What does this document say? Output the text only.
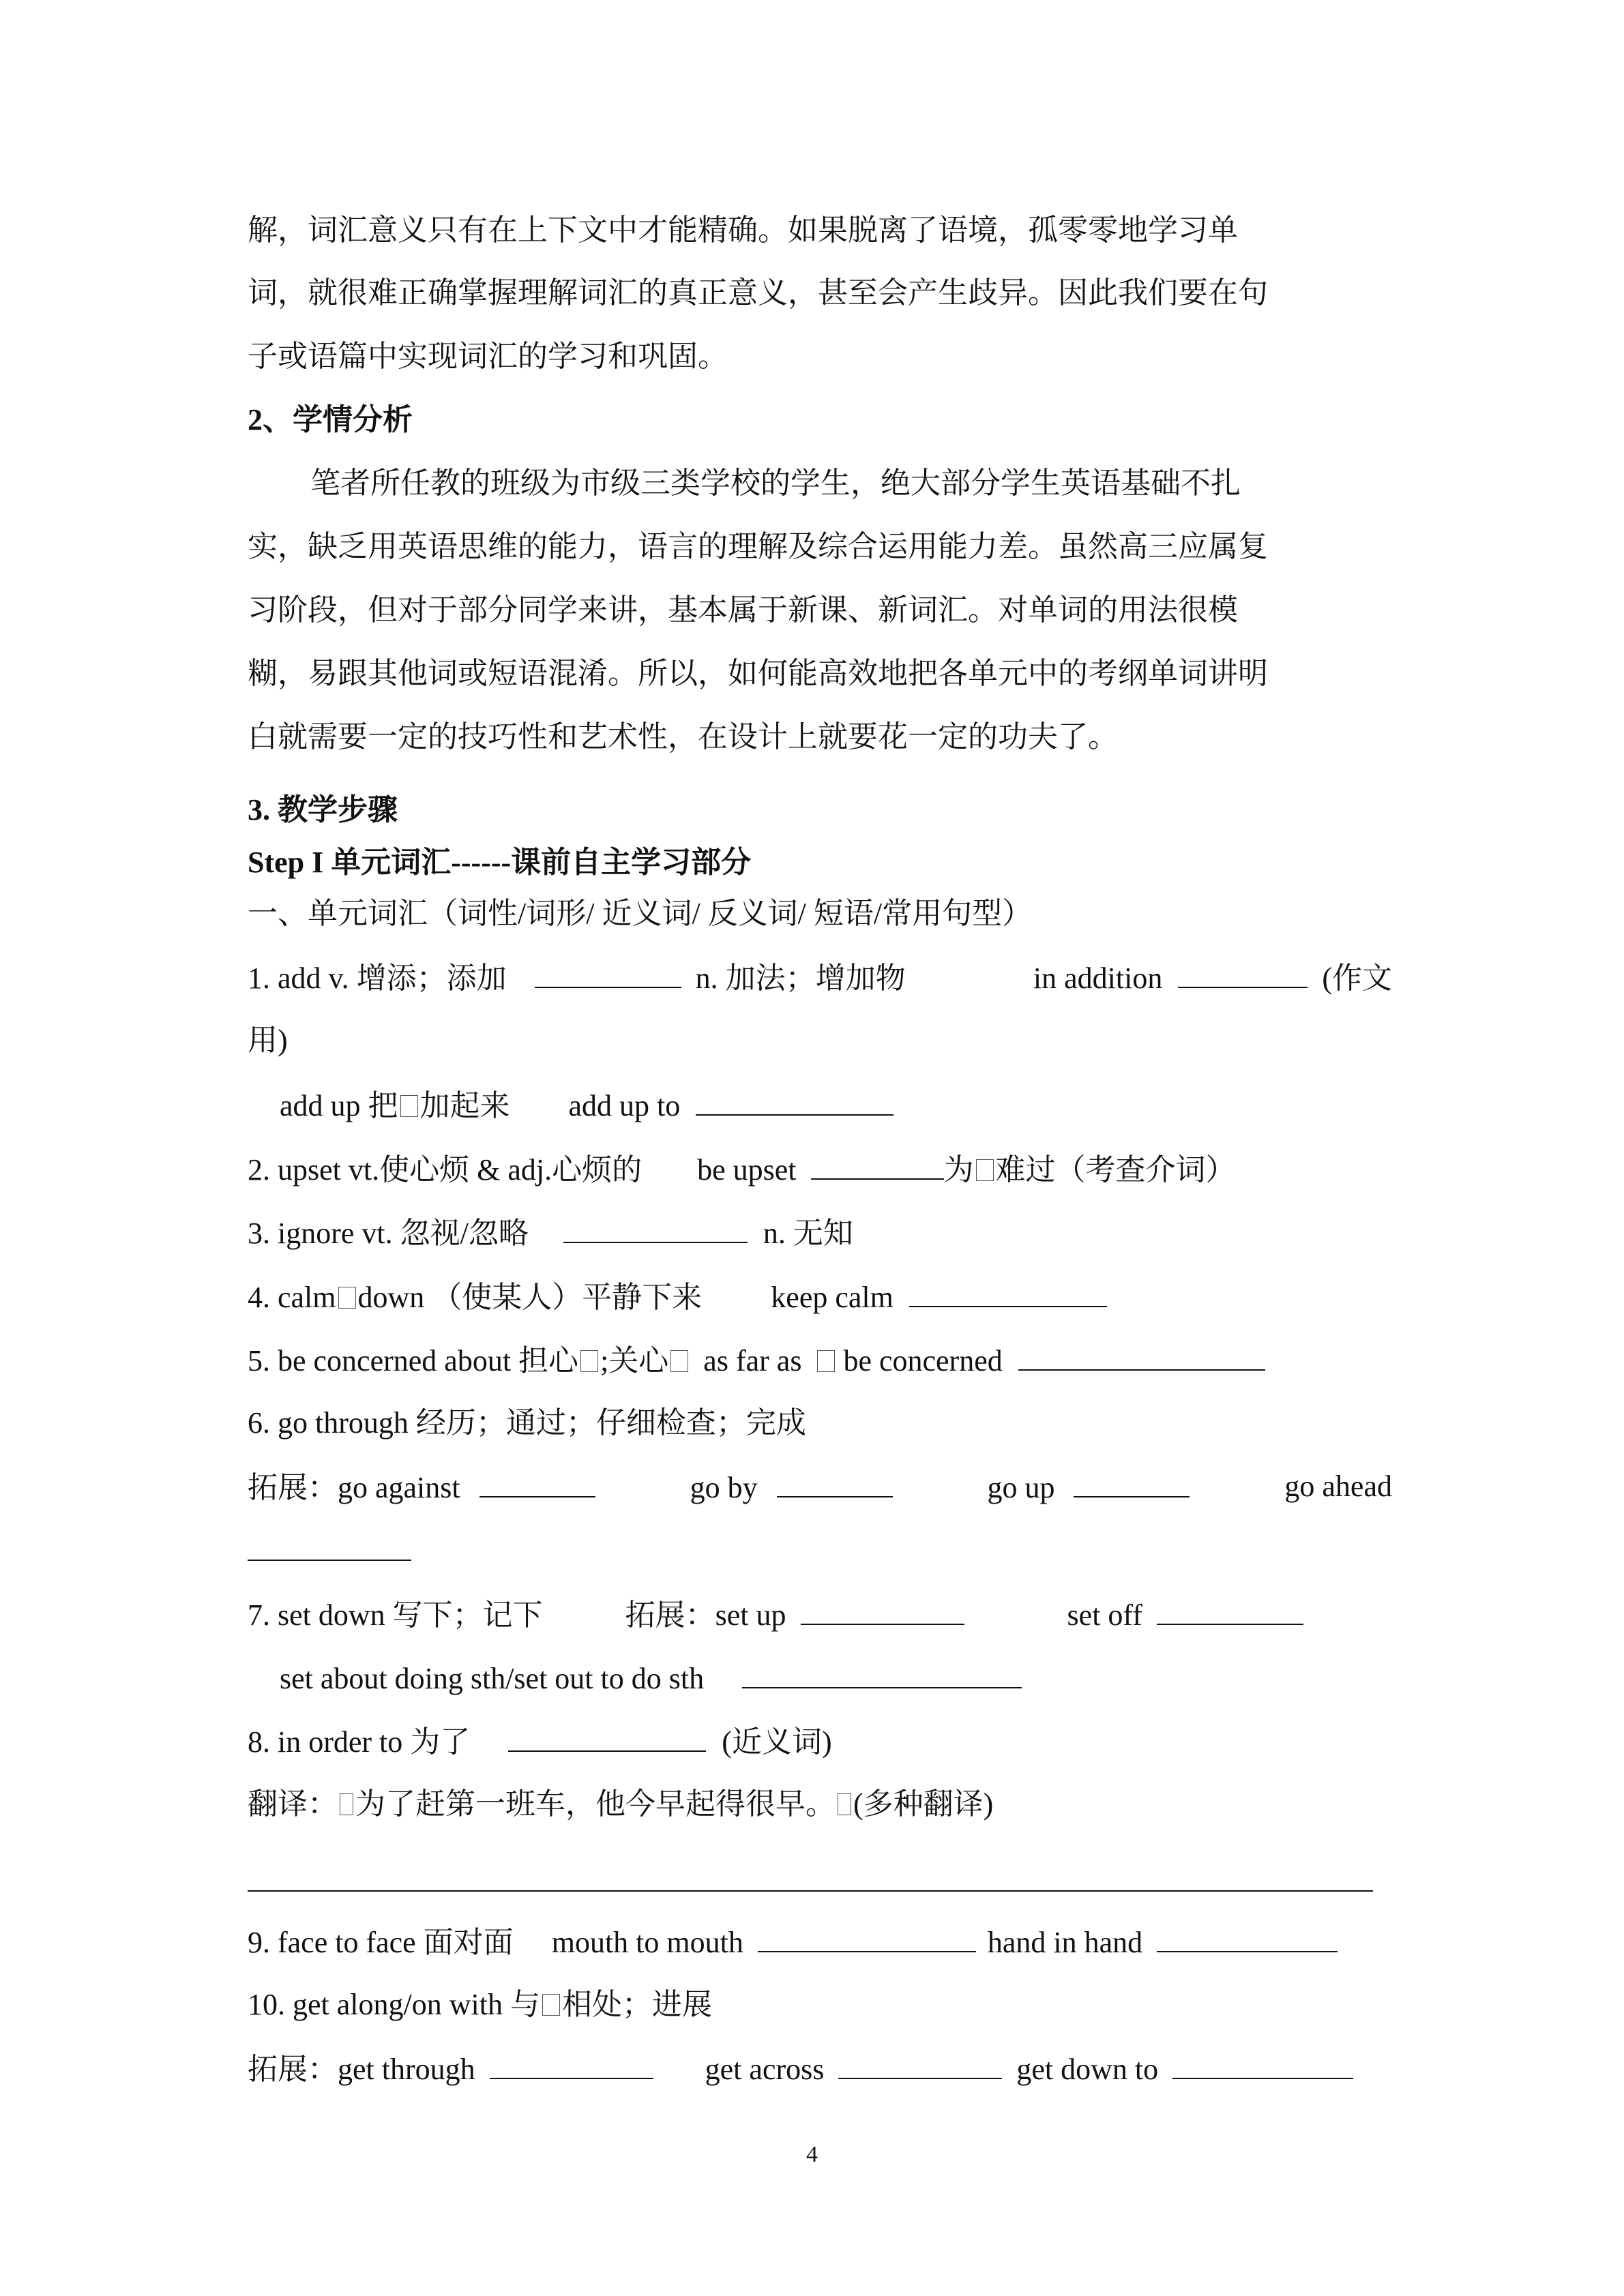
解，词汇意义只有在上下文中才能精确。如果脱离了语境，孤零零地学习单
词，就很难正确掌握理解词汇的真正意义，甚至会产生歧异。因此我们要在句
子或语篇中实现词汇的学习和巩固。
2、学情分析
笔者所任教的班级为市级三类学校的学生，绝大部分学生英语基础不扎
实，缺乏用英语思维的能力，语言的理解及综合运用能力差。虽然高三应属复
习阶段，但对于部分同学来讲，基本属于新课、新词汇。对单词的用法很模
糊，易跟其他词或短语混淆。所以，如何能高效地把各单元中的考纲单词讲明
白就需要一定的技巧性和艺术性，在设计上就要花一定的功夫了。
3. 教学步骤
Step I 单元词汇------课前自主学习部分
一、单元词汇（词性/词形/ 近义词/ 反义词/ 短语/常用句型）
1. add v. 增添；添加	n. 加法；增加物	in addition	(作文
用)
add up 把 加起来 add up to
2. upset vt.使心烦 & adj.心烦的 be upset	为 难过（考查介词）
3. ignore vt. 忽视/忽略	n. 无知
4. calm down （使某人）平静下来 keep calm
5. be concerned about 担心 ;关心 as far as be concerned
6. go through 经历；通过；仔细检查；完成
拓展：go against	go by	go up	go ahead
7. set down 写下；记下	拓展：set up	set off
set about doing sth/set out to do sth
8. in order to 为了	(近义词)
翻译： 为了赶第一班车，他今早起得很早。 (多种翻译)
9. face to face 面对面 mouth to mouth	hand in hand
10. get along/on with 与 相处；进展
拓展：get through	get across	get down to
4
